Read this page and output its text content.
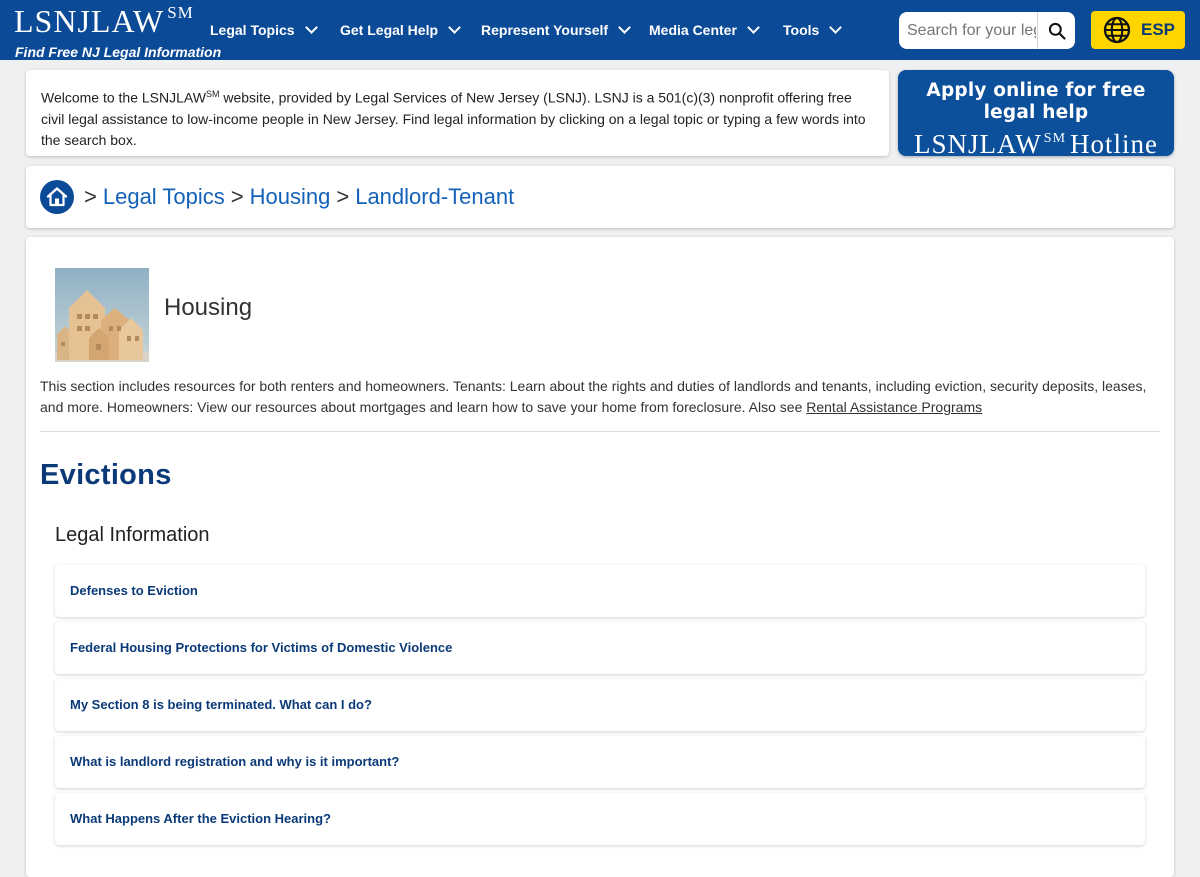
LSNJLAW ℠
Find Free NJ Legal Information
Legal Topics	Get Legal Help	Represent Yourself	Media Center	Tools
Search for your legal topic	ESP
Welcome to the LSNJLAW℠ website, provided by Legal Services of New Jersey (LSNJ). LSNJ is a 501(c)(3) nonprofit offering free civil legal assistance to low-income people in New Jersey. Find legal information by clicking on a legal topic or typing a few words into the search box.
Apply online for free legal help
LSNJLAW ℠ Hotline
> Legal Topics > Housing > Landlord-Tenant
Housing
This section includes resources for both renters and homeowners. Tenants: Learn about the rights and duties of landlords and tenants, including eviction, security deposits, leases, and more. Homeowners: View our resources about mortgages and learn how to save your home from foreclosure. Also see Rental Assistance Programs
Evictions
Legal Information
Defenses to Eviction
Federal Housing Protections for Victims of Domestic Violence
My Section 8 is being terminated. What can I do?
What is landlord registration and why is it important?
What Happens After the Eviction Hearing?
